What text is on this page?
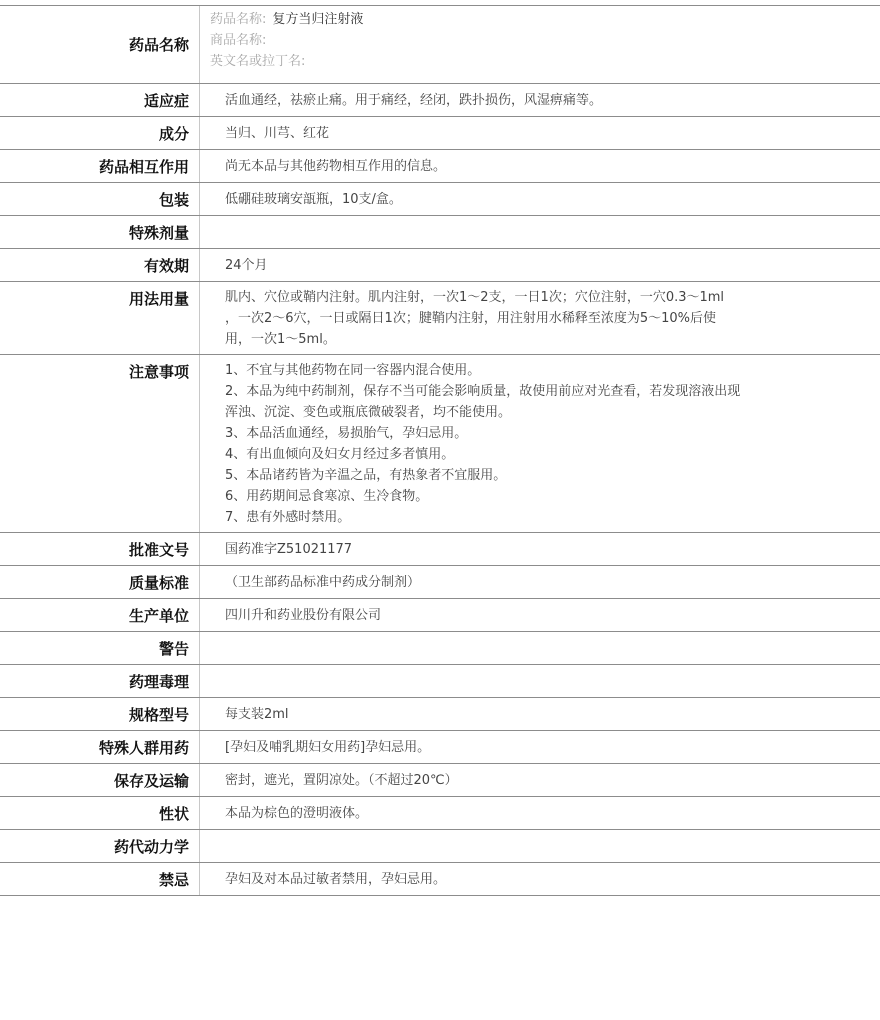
药品名称
药品名称: 复方当归注射液
商品名称:
英文名或拉丁名:
适应症	活血通经，祛瘀止痛。用于痛经，经闭，跌扑损伤，风湿痹痛等。
成分	当归、川芎、红花
药品相互作用	尚无本品与其他药物相互作用的信息。
包装	低硼硅玻璃安瓿瓶，10支/盒。
特殊剂量
有效期	24个月
用法用量	肌内、穴位或鞘内注射。肌内注射，一次1～2支，一日1次；穴位注射，一穴0.3～1ml
，一次2～6穴，一日或隔日1次；腱鞘内注射，用注射用水稀释至浓度为5～10%后使
用，一次1～5ml。
注意事项	1、不宜与其他药物在同一容器内混合使用。
2、本品为纯中药制剂，保存不当可能会影响质量，故使用前应对光查看，若发现溶液出现
浑浊、沉淀、变色或瓶底微破裂者，均不能使用。
3、本品活血通经，易损胎气，孕妇忌用。
4、有出血倾向及妇女月经过多者慎用。
5、本品诸药皆为辛温之品，有热象者不宜服用。
6、用药期间忌食寒凉、生冷食物。
7、患有外感时禁用。
批准文号	国药准字Z51021177
质量标准	（卫生部药品标准中药成分制剂）
生产单位	四川升和药业股份有限公司
警告
药理毒理
规格型号	每支装2ml
特殊人群用药	[孕妇及哺乳期妇女用药]孕妇忌用。
保存及运输	密封，遮光，置阴凉处。（不超过20℃）
性状	本品为棕色的澄明液体。
药代动力学
禁忌	孕妇及对本品过敏者禁用，孕妇忌用。
